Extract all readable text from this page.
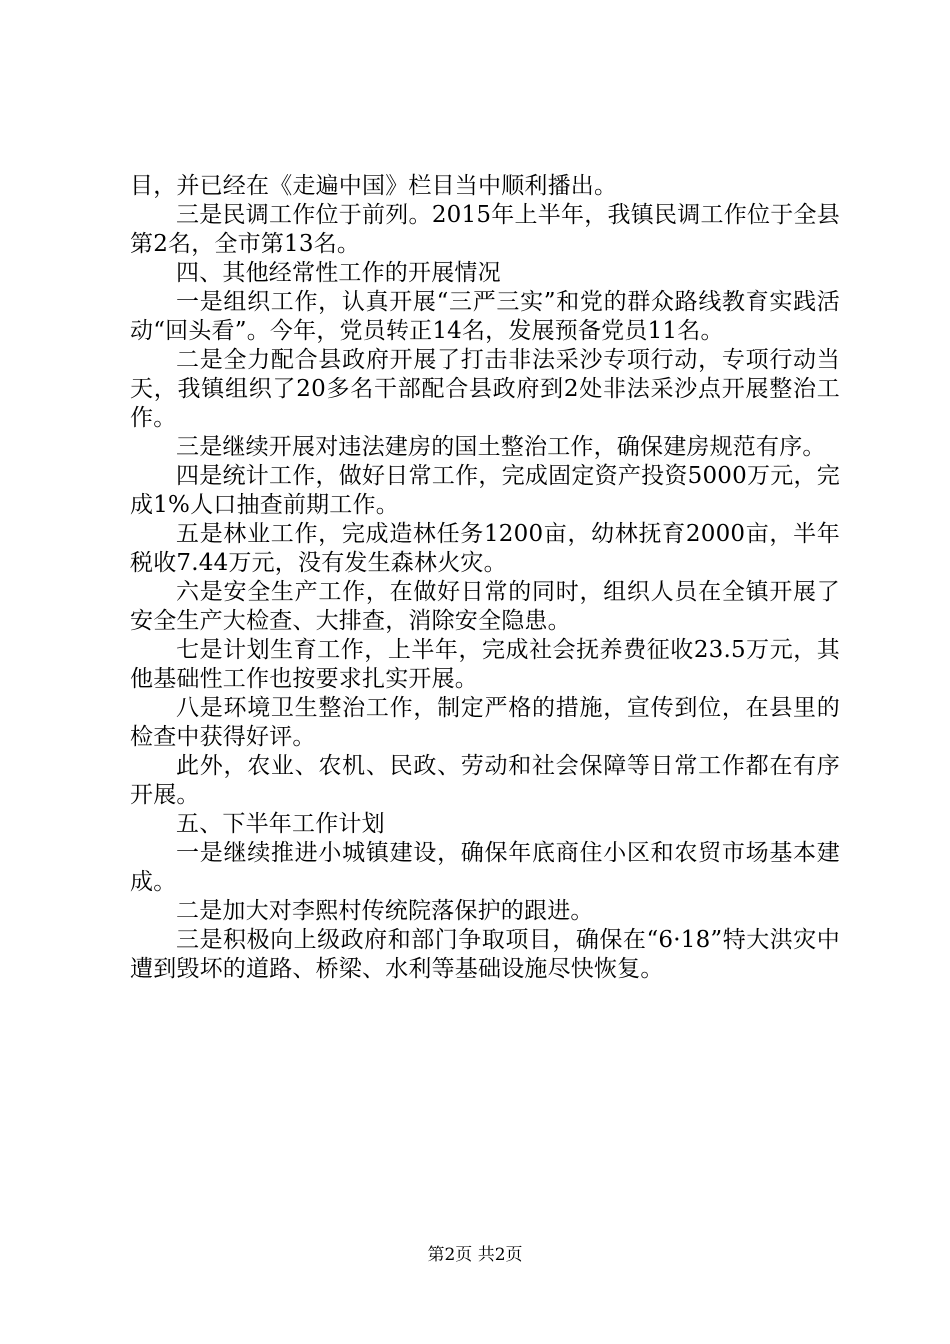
目，并已经在《走遍中国》栏目当中顺利播出。

三是民调工作位于前列。2015年上半年，我镇民调工作位于全县第2名，全市第13名。

四、其他经常性工作的开展情况

一是组织工作，认真开展“三严三实”和党的群众路线教育实践活动“回头看”。今年，党员转正14名，发展预备党员11名。

二是全力配合县政府开展了打击非法采沙专项行动，专项行动当天，我镇组织了20多名干部配合县政府到2处非法采沙点开展整治工作。

三是继续开展对违法建房的国土整治工作，确保建房规范有序。

四是统计工作，做好日常工作，完成固定资产投资5000万元，完成1%人口抽查前期工作。

五是林业工作，完成造林任务1200亩，幼林抚育2000亩，半年税收7.44万元，没有发生森林火灾。

六是安全生产工作，在做好日常的同时，组织人员在全镇开展了安全生产大检查、大排查，消除安全隐患。

七是计划生育工作，上半年，完成社会抚养费征收23.5万元，其他基础性工作也按要求扎实开展。

八是环境卫生整治工作，制定严格的措施，宣传到位，在县里的检查中获得好评。

此外，农业、农机、民政、劳动和社会保障等日常工作都在有序开展。

五、下半年工作计划

一是继续推进小城镇建设，确保年底商住小区和农贸市场基本建成。

二是加大对李熙村传统院落保护的跟进。

三是积极向上级政府和部门争取项目，确保在“6·18”特大洪灾中遭到毁坏的道路、桥梁、水利等基础设施尽快恢复。

第2页 共2页
